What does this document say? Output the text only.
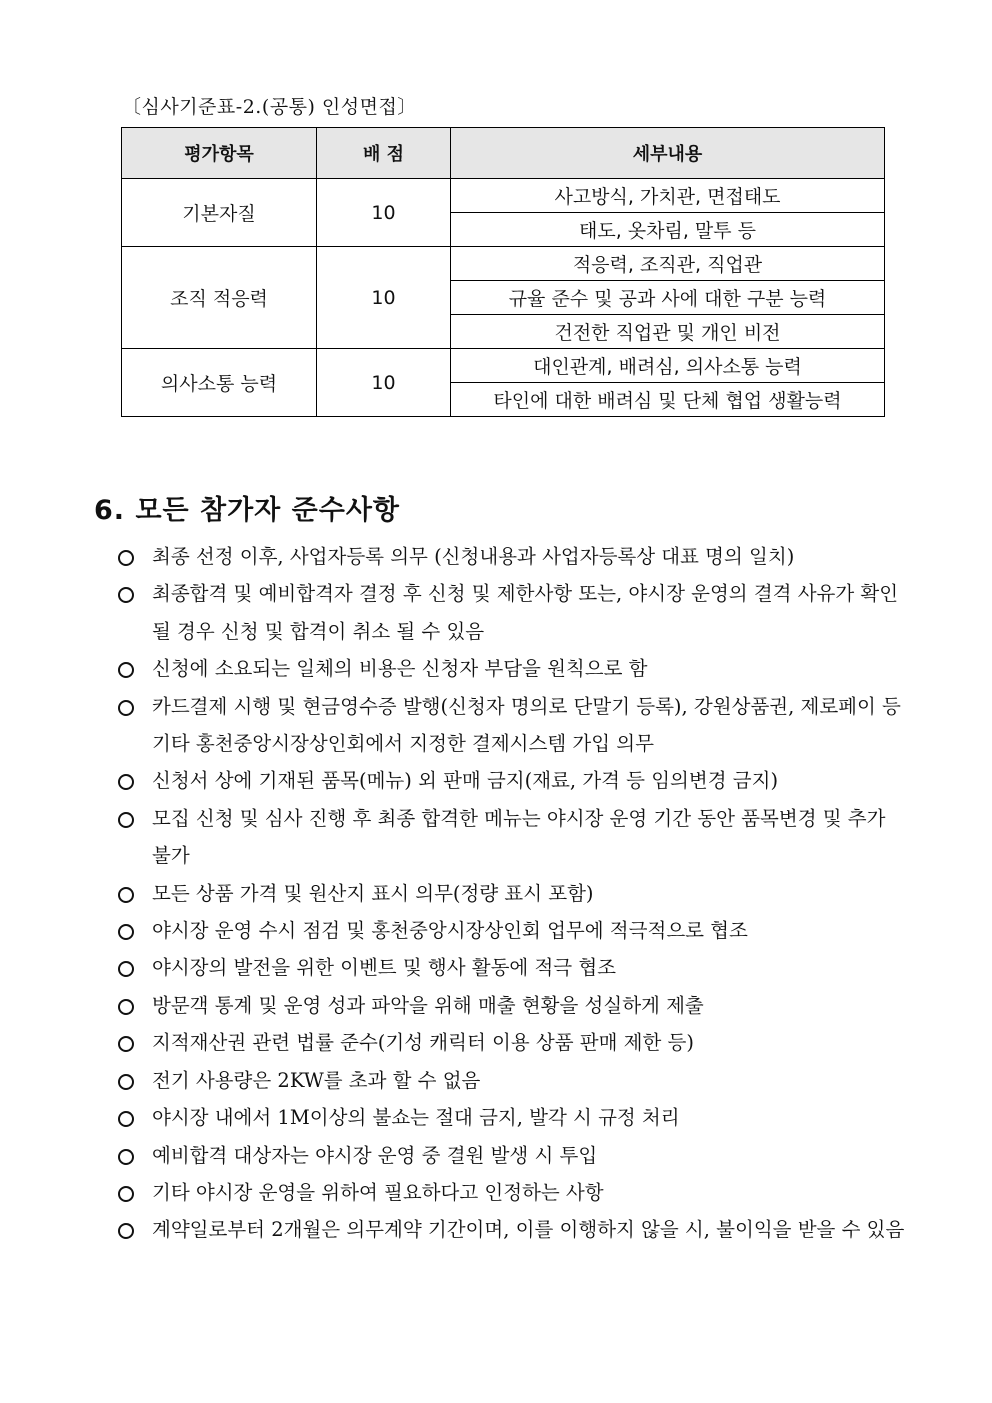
〔심사기준표-2.(공통) 인성면접〕
평가항목	배 점	세부내용
기본자질	10	사고방식, 가치관, 면접태도
		태도, 옷차림, 말투 등
조직 적응력	10	적응력, 조직관, 직업관
		규율 준수 및 공과 사에 대한 구분 능력
		건전한 직업관 및 개인 비전
의사소통 능력	10	대인관계, 배려심, 의사소통 능력
		타인에 대한 배려심 및 단체 협업 생활능력
6. 모든 참가자 준수사항
최종 선정 이후, 사업자등록 의무 (신청내용과 사업자등록상 대표 명의 일치)
최종합격 및 예비합격자 결정 후 신청 및 제한사항 또는, 야시장 운영의 결격 사유가 확인 될 경우 신청 및 합격이 취소 될 수 있음
신청에 소요되는 일체의 비용은 신청자 부담을 원칙으로 함
카드결제 시행 및 현금영수증 발행(신청자 명의로 단말기 등록), 강원상품권, 제로페이 등 기타 홍천중앙시장상인회에서 지정한 결제시스템 가입 의무
신청서 상에 기재된 품목(메뉴) 외 판매 금지(재료, 가격 등 임의변경 금지)
모집 신청 및 심사 진행 후 최종 합격한 메뉴는 야시장 운영 기간 동안 품목변경 및 추가 불가
모든 상품 가격 및 원산지 표시 의무(정량 표시 포함)
야시장 운영 수시 점검 및 홍천중앙시장상인회 업무에 적극적으로 협조
야시장의 발전을 위한 이벤트 및 행사 활동에 적극 협조
방문객 통계 및 운영 성과 파악을 위해 매출 현황을 성실하게 제출
지적재산권 관련 법률 준수(기성 캐릭터 이용 상품 판매 제한 등)
전기 사용량은 2KW를 초과 할 수 없음
야시장 내에서 1M이상의 불쇼는 절대 금지, 발각 시 규정 처리
예비합격 대상자는 야시장 운영 중 결원 발생 시 투입
기타 야시장 운영을 위하여 필요하다고 인정하는 사항
계약일로부터 2개월은 의무계약 기간이며, 이를 이행하지 않을 시, 불이익을 받을 수 있음
